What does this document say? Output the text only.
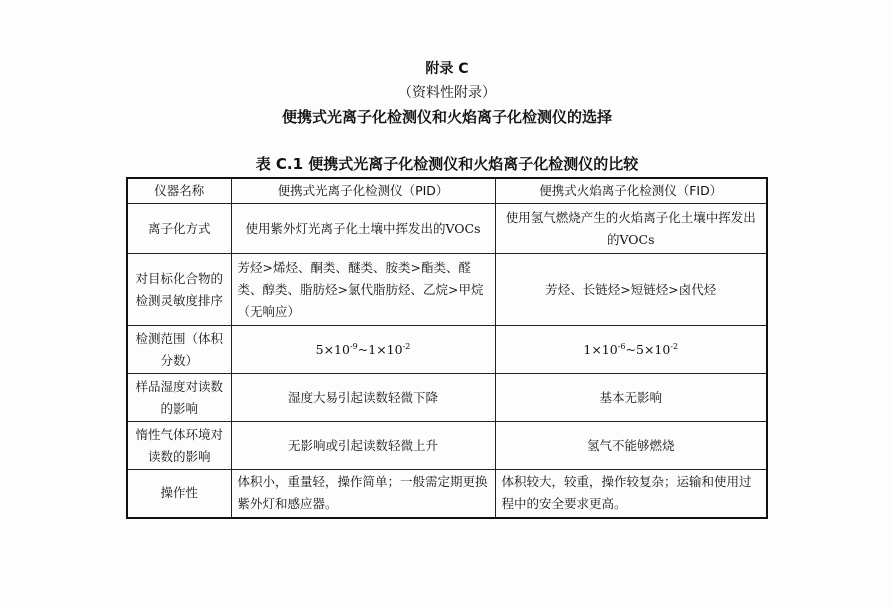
附录 C
（资料性附录）
便携式光离子化检测仪和火焰离子化检测仪的选择
表 C.1 便携式光离子化检测仪和火焰离子化检测仪的比较
仪器名称	便携式光离子化检测仪（PID）	便携式火焰离子化检测仪（FID）
离子化方式	使用紫外灯光离子化土壤中挥发出的VOCs	使用氢气燃烧产生的火焰离子化土壤中挥发出的VOCs
对目标化合物的检测灵敏度排序	芳烃>烯烃、酮类、醚类、胺类>酯类、醛类、醇类、脂肪烃>氯代脂肪烃、乙烷>甲烷（无响应）	芳烃、长链烃>短链烃>卤代烃
检测范围（体积分数）	$5\times 10^{-9}\sim 1\times 10^{-2}$	$1\times 10^{-6}\sim 5\times 10^{-2}$
样品湿度对读数的影响	湿度大易引起读数轻微下降	基本无影响
惰性气体环境对读数的影响	无影响或引起读数轻微上升	氢气不能够燃烧
操作性	体积小，重量轻，操作简单；一般需定期更换紫外灯和感应器。	体积较大，较重，操作较复杂；运输和使用过程中的安全要求更高。
